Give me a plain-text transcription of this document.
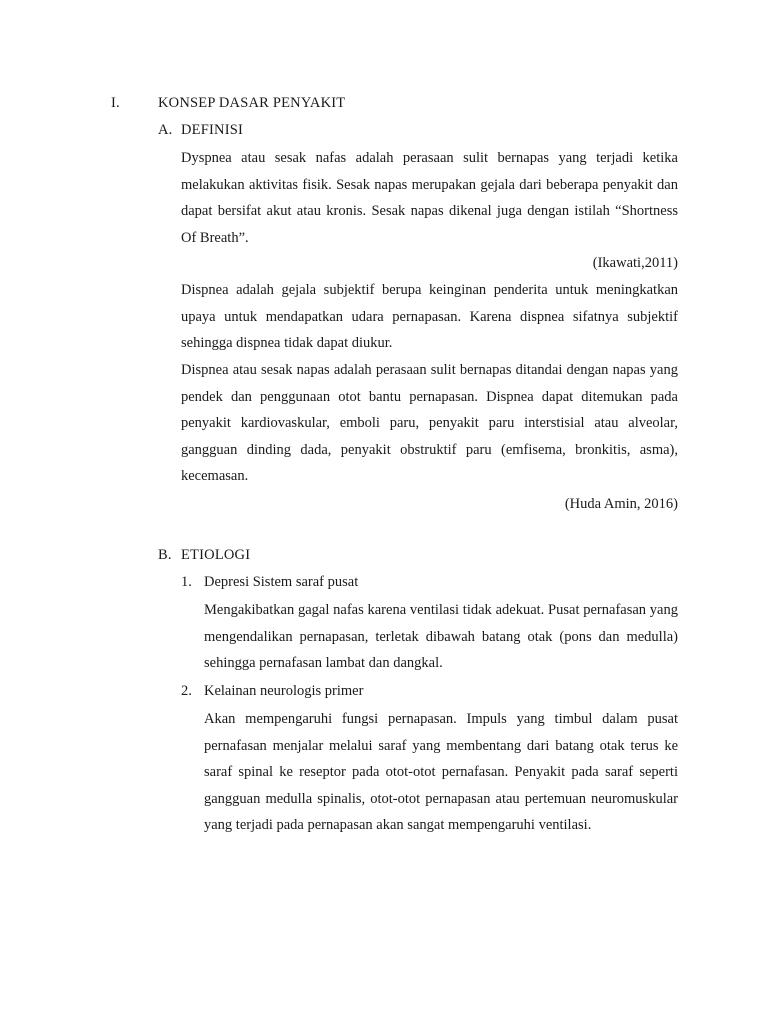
I.	KONSEP DASAR PENYAKIT
A. DEFINISI

Dyspnea atau sesak nafas adalah perasaan sulit bernapas yang terjadi ketika melakukan aktivitas fisik. Sesak napas merupakan gejala dari beberapa penyakit dan dapat bersifat akut atau kronis. Sesak napas dikenal juga dengan istilah “Shortness Of Breath”.

(Ikawati,2011)

Dispnea adalah gejala subjektif berupa keinginan penderita untuk meningkatkan upaya untuk mendapatkan udara pernapasan. Karena dispnea sifatnya subjektif sehingga dispnea tidak dapat diukur.

Dispnea atau sesak napas adalah perasaan sulit bernapas ditandai dengan napas yang pendek dan penggunaan otot bantu pernapasan. Dispnea dapat ditemukan pada penyakit kardiovaskular, emboli paru, penyakit paru interstisial atau alveolar, gangguan dinding dada, penyakit obstruktif paru (emfisema, bronkitis, asma), kecemasan.

(Huda Amin, 2016)
B. ETIOLOGI
1. Depresi Sistem saraf pusat

Mengakibatkan gagal nafas karena ventilasi tidak adekuat. Pusat pernafasan yang mengendalikan pernapasan, terletak dibawah batang otak (pons dan medulla) sehingga pernafasan lambat dan dangkal.

2. Kelainan neurologis primer

Akan mempengaruhi fungsi pernapasan. Impuls yang timbul dalam pusat pernafasan menjalar melalui saraf yang membentang dari batang otak terus ke saraf spinal ke reseptor pada otot-otot pernafasan. Penyakit pada saraf seperti gangguan medulla spinalis, otot-otot pernapasan atau pertemuan neuromuskular yang terjadi pada pernapasan akan sangat mempengaruhi ventilasi.
